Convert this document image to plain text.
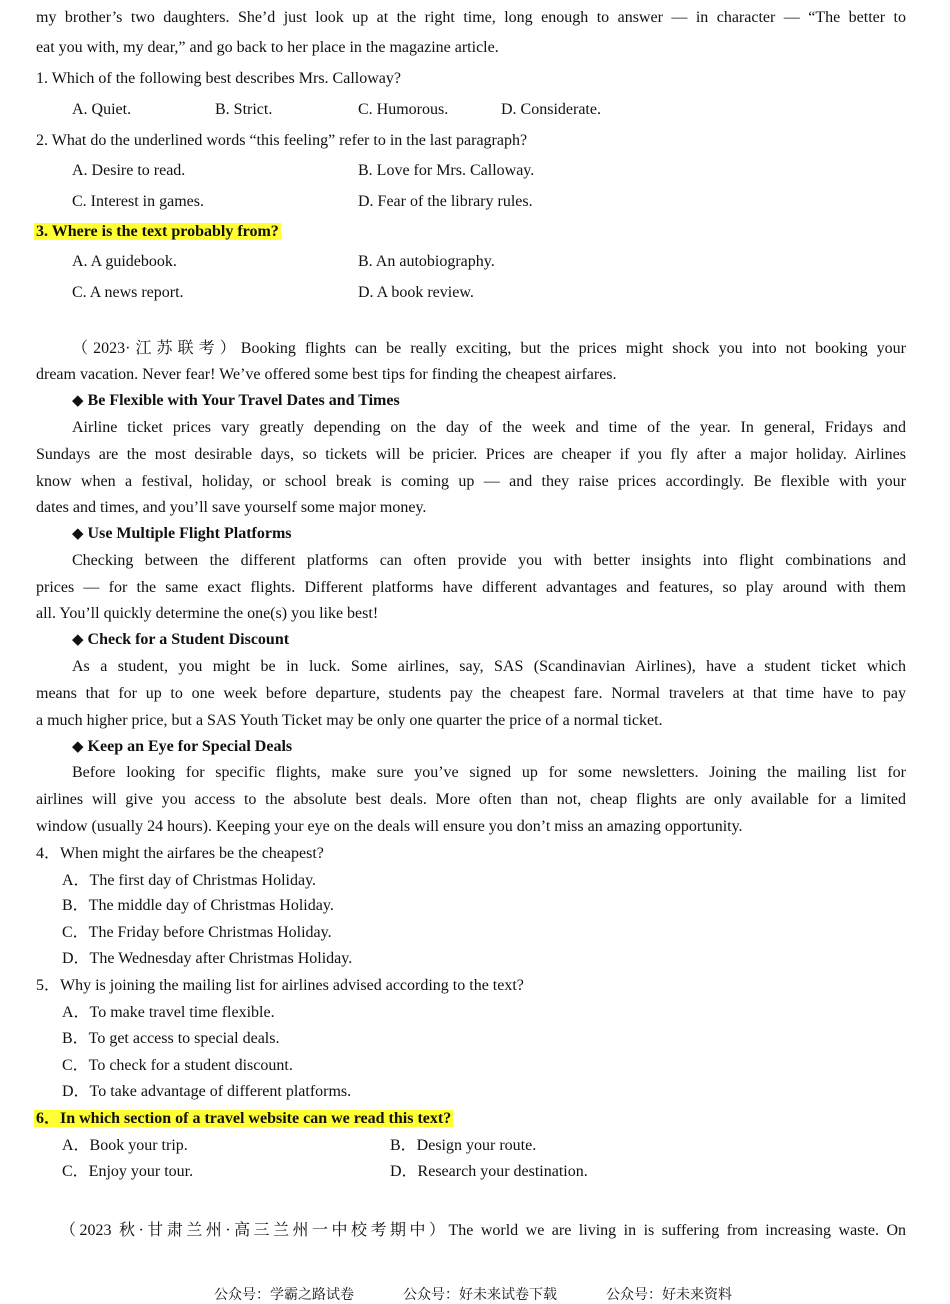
my brother’s two daughters. She’d just look up at the right time, long enough to answer — in character — “The better to
eat you with, my dear,” and go back to her place in the magazine article.
1. Which of the following best describes Mrs. Calloway?
A. Quiet.	B. Strict.	C. Humorous.	D. Considerate.
2. What do the underlined words “this feeling” refer to in the last paragraph?
A. Desire to read.	B. Love for Mrs. Calloway.
C. Interest in games.	D. Fear of the library rules.
3. Where is the text probably from?
A. A guidebook.	B. An autobiography.
C. A news report.	D. A book review.
（2023·江苏联考）Booking flights can be really exciting, but the prices might shock you into not booking your
dream vacation. Never fear! We’ve offered some best tips for finding the cheapest airfares.
◆ Be Flexible with Your Travel Dates and Times
Airline ticket prices vary greatly depending on the day of the week and time of the year. In general, Fridays and
Sundays are the most desirable days, so tickets will be pricier. Prices are cheaper if you fly after a major holiday. Airlines
know when a festival, holiday, or school break is coming up — and they raise prices accordingly. Be flexible with your
dates and times, and you’ll save yourself some major money.
◆ Use Multiple Flight Platforms
Checking between the different platforms can often provide you with better insights into flight combinations and
prices — for the same exact flights. Different platforms have different advantages and features, so play around with them
all. You’ll quickly determine the one(s) you like best!
◆ Check for a Student Discount
As a student, you might be in luck. Some airlines, say, SAS (Scandinavian Airlines), have a student ticket which
means that for up to one week before departure, students pay the cheapest fare. Normal travelers at that time have to pay
a much higher price, but a SAS Youth Ticket may be only one quarter the price of a normal ticket.
◆ Keep an Eye for Special Deals
Before looking for specific flights, make sure you’ve signed up for some newsletters. Joining the mailing list for
airlines will give you access to the absolute best deals. More often than not, cheap flights are only available for a limited
window (usually 24 hours). Keeping your eye on the deals will ensure you don’t miss an amazing opportunity.
4．When might the airfares be the cheapest?
A．The first day of Christmas Holiday.
B．The middle day of Christmas Holiday.
C．The Friday before Christmas Holiday.
D．The Wednesday after Christmas Holiday.
5．Why is joining the mailing list for airlines advised according to the text?
A．To make travel time flexible.
B．To get access to special deals.
C．To check for a student discount.
D．To take advantage of different platforms.
6．In which section of a travel website can we read this text?
A．Book your trip.	B．Design your route.
C．Enjoy your tour.	D．Research your destination.
（2023 秋·甘肃兰州·高三兰州一中校考期中）The world we are living in is suffering from increasing waste. On
公众号：学霸之路试卷	公众号：好未来试卷下载	公众号：好未来资料
